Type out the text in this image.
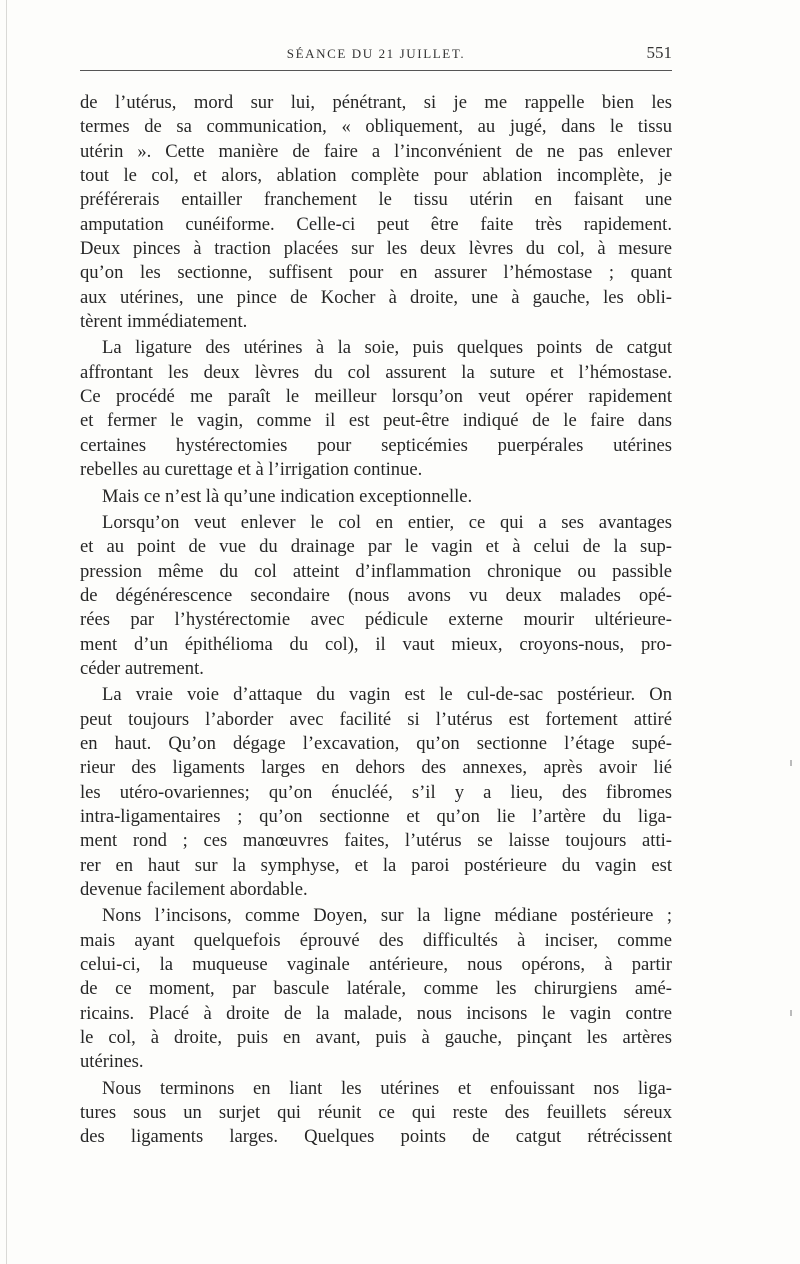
SÉANCE DU 21 JUILLET.	551

de l’utérus, mord sur lui, pénétrant, si je me rappelle bien les
termes de sa communication, « obliquement, au jugé, dans le tissu
utérin ». Cette manière de faire a l’inconvénient de ne pas enlever
tout le col, et alors, ablation complète pour ablation incomplète, je
préférerais entailler franchement le tissu utérin en faisant une
amputation cunéiforme. Celle-ci peut être faite très rapidement.
Deux pinces à traction placées sur les deux lèvres du col, à mesure
qu’on les sectionne, suffisent pour en assurer l’hémostase ; quant
aux utérines, une pince de Kocher à droite, une à gauche, les obli-
tèrent immédiatement.

La ligature des utérines à la soie, puis quelques points de catgut
affrontant les deux lèvres du col assurent la suture et l’hémostase.
Ce procédé me paraît le meilleur lorsqu’on veut opérer rapidement
et fermer le vagin, comme il est peut-être indiqué de le faire dans
certaines hystérectomies pour septicémies puerpérales utérines
rebelles au curettage et à l’irrigation continue.

Mais ce n’est là qu’une indication exceptionnelle.

Lorsqu’on veut enlever le col en entier, ce qui a ses avantages
et au point de vue du drainage par le vagin et à celui de la sup-
pression même du col atteint d’inflammation chronique ou passible
de dégénérescence secondaire (nous avons vu deux malades opé-
rées par l’hystérectomie avec pédicule externe mourir ultérieure-
ment d’un épithélioma du col), il vaut mieux, croyons-nous, pro-
céder autrement.

La vraie voie d’attaque du vagin est le cul-de-sac postérieur. On
peut toujours l’aborder avec facilité si l’utérus est fortement attiré
en haut. Qu’on dégage l’excavation, qu’on sectionne l’étage supé-
rieur des ligaments larges en dehors des annexes, après avoir lié
les utéro-ovariennes; qu’on énucléé, s’il y a lieu, des fibromes
intra-ligamentaires ; qu’on sectionne et qu’on lie l’artère du liga-
ment rond ; ces manœuvres faites, l’utérus se laisse toujours atti-
rer en haut sur la symphyse, et la paroi postérieure du vagin est
devenue facilement abordable.

Nons l’incisons, comme Doyen, sur la ligne médiane postérieure ;
mais ayant quelquefois éprouvé des difficultés à inciser, comme
celui-ci, la muqueuse vaginale antérieure, nous opérons, à partir
de ce moment, par bascule latérale, comme les chirurgiens amé-
ricains. Placé à droite de la malade, nous incisons le vagin contre
le col, à droite, puis en avant, puis à gauche, pinçant les artères
utérines.

Nous terminons en liant les utérines et enfouissant nos liga-
tures sous un surjet qui réunit ce qui reste des feuillets séreux
des ligaments larges. Quelques points de catgut rétrécissent
